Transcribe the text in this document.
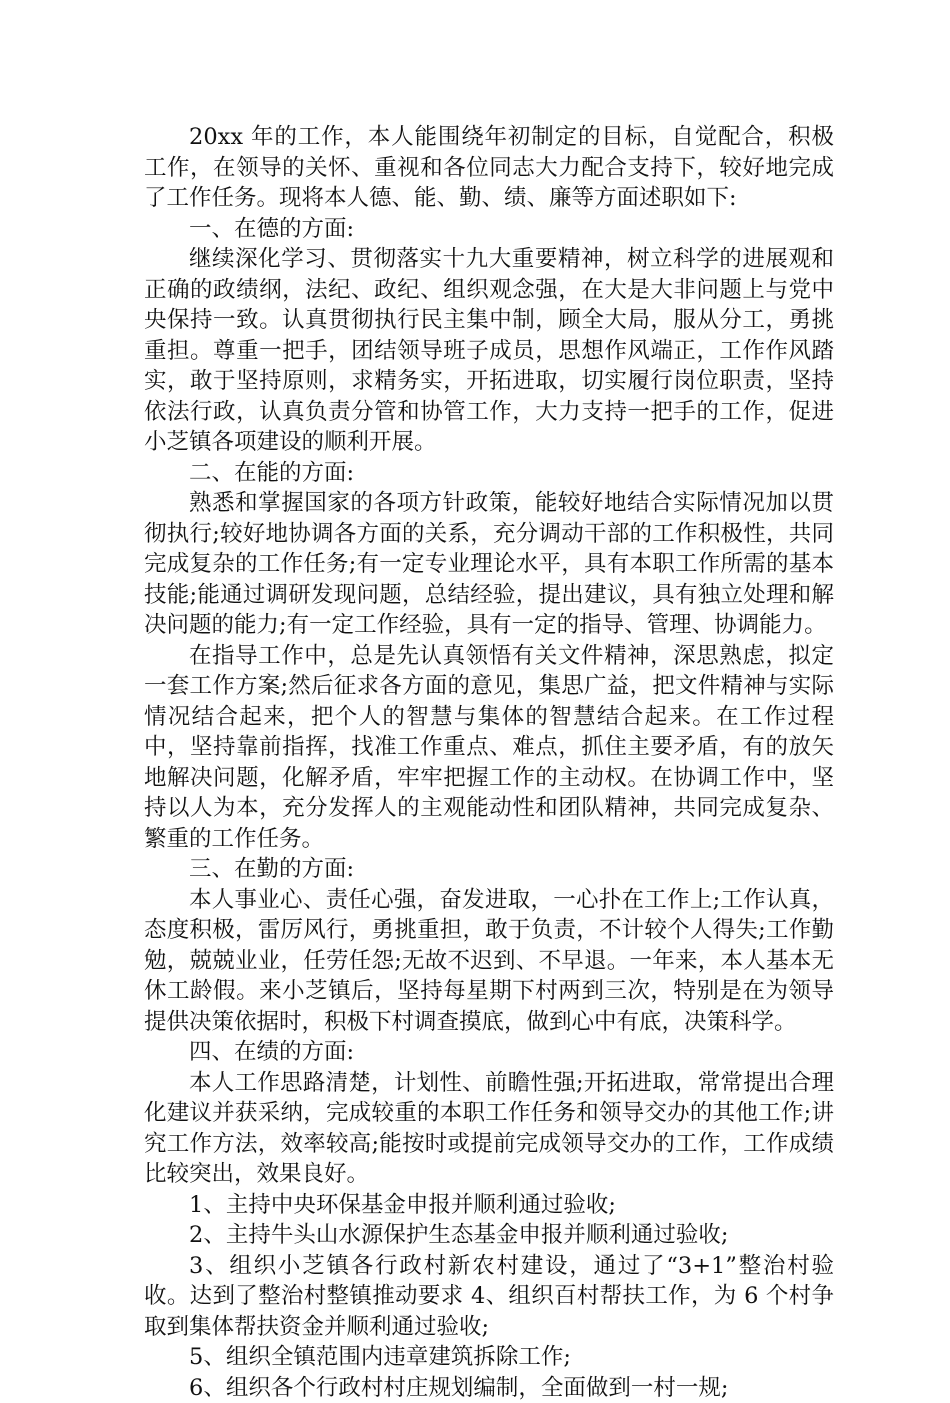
20xx 年的工作，本人能围绕年初制定的目标，自觉配合，积极工作，在领导的关怀、重视和各位同志大力配合支持下，较好地完成了工作任务。现将本人德、能、勤、绩、廉等方面述职如下:

一、在德的方面:

继续深化学习、贯彻落实十九大重要精神，树立科学的进展观和正确的政绩纲，法纪、政纪、组织观念强，在大是大非问题上与党中央保持一致。认真贯彻执行民主集中制，顾全大局，服从分工，勇挑重担。尊重一把手，团结领导班子成员，思想作风端正，工作作风踏实，敢于坚持原则，求精务实，开拓进取，切实履行岗位职责，坚持依法行政，认真负责分管和协管工作，大力支持一把手的工作，促进小芝镇各项建设的顺利开展。

二、在能的方面:

熟悉和掌握国家的各项方针政策，能较好地结合实际情况加以贯彻执行;较好地协调各方面的关系，充分调动干部的工作积极性，共同完成复杂的工作任务;有一定专业理论水平，具有本职工作所需的基本技能;能通过调研发现问题，总结经验，提出建议，具有独立处理和解决问题的能力;有一定工作经验，具有一定的指导、管理、协调能力。

在指导工作中，总是先认真领悟有关文件精神，深思熟虑，拟定一套工作方案;然后征求各方面的意见，集思广益，把文件精神与实际情况结合起来，把个人的智慧与集体的智慧结合起来。在工作过程中，坚持靠前指挥，找准工作重点、难点，抓住主要矛盾，有的放矢地解决问题，化解矛盾，牢牢把握工作的主动权。在协调工作中，坚持以人为本，充分发挥人的主观能动性和团队精神，共同完成复杂、繁重的工作任务。

三、在勤的方面:

本人事业心、责任心强，奋发进取，一心扑在工作上;工作认真，态度积极，雷厉风行，勇挑重担，敢于负责，不计较个人得失;工作勤勉，兢兢业业，任劳任怨;无故不迟到、不早退。一年来，本人基本无休工龄假。来小芝镇后，坚持每星期下村两到三次，特别是在为领导提供决策依据时，积极下村调查摸底，做到心中有底，决策科学。

四、在绩的方面:

本人工作思路清楚，计划性、前瞻性强;开拓进取，常常提出合理化建议并获采纳，完成较重的本职工作任务和领导交办的其他工作;讲究工作方法，效率较高;能按时或提前完成领导交办的工作，工作成绩比较突出，效果良好。

1、主持中央环保基金申报并顺利通过验收;

2、主持牛头山水源保护生态基金申报并顺利通过验收;

3、组织小芝镇各行政村新农村建设，通过了“3+1”整治村验收。达到了整治村整镇推动要求 4、组织百村帮扶工作，为 6 个村争取到集体帮扶资金并顺利通过验收;

5、组织全镇范围内违章建筑拆除工作;

6、组织各个行政村村庄规划编制，全面做到一村一规;
